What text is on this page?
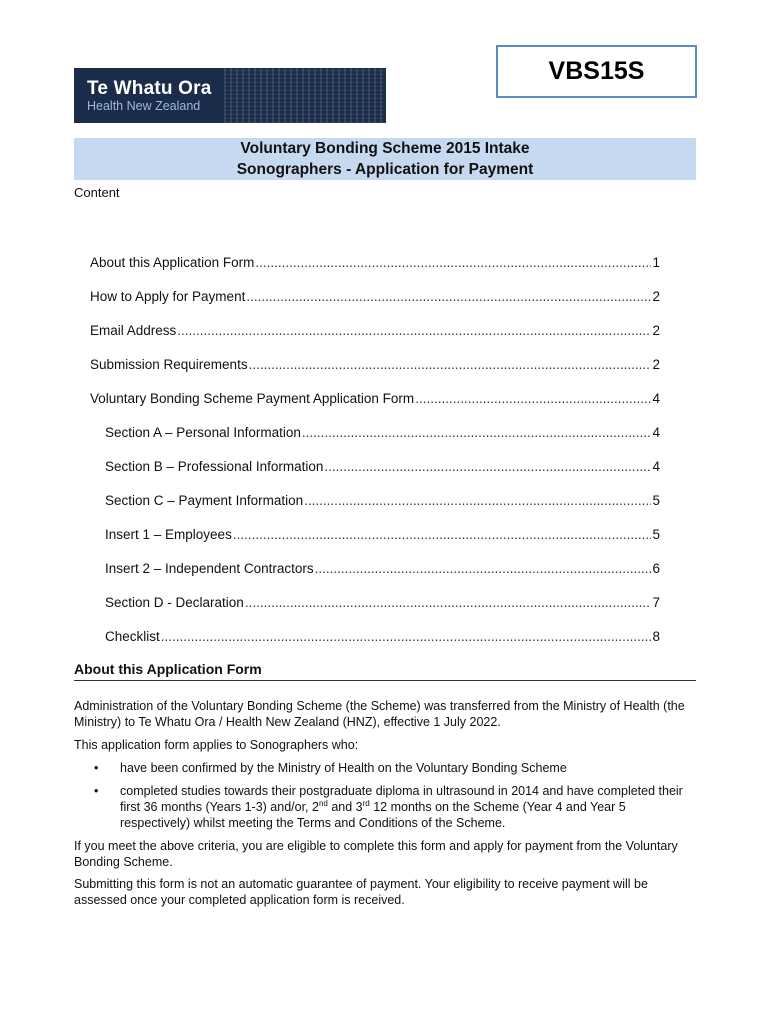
Te Whatu Ora
Health New Zealand
VBS15S
Voluntary Bonding Scheme 2015 Intake
Sonographers - Application for Payment
Content
About this Application Form .....	1
How to Apply for Payment .....	2
Email Address .....	2
Submission Requirements .....	2
Voluntary Bonding Scheme Payment Application Form .....	4
Section A – Personal Information .....	4
Section B – Professional Information .....	4
Section C – Payment Information .....	5
Insert 1 – Employees .....	5
Insert 2 – Independent Contractors .....	6
Section D - Declaration .....	7
Checklist .....	8
About this Application Form
Administration of the Voluntary Bonding Scheme (the Scheme) was transferred from the Ministry of Health (the Ministry) to Te Whatu Ora / Health New Zealand (HNZ), effective 1 July 2022.
This application form applies to Sonographers who:
•	have been confirmed by the Ministry of Health on the Voluntary Bonding Scheme
•	completed studies towards their postgraduate diploma in ultrasound in 2014 and have completed their first 36 months (Years 1-3) and/or, 2nd and 3rd 12 months on the Scheme (Year 4 and Year 5 respectively) whilst meeting the Terms and Conditions of the Scheme.
If you meet the above criteria, you are eligible to complete this form and apply for payment from the Voluntary Bonding Scheme.
Submitting this form is not an automatic guarantee of payment. Your eligibility to receive payment will be assessed once your completed application form is received.
